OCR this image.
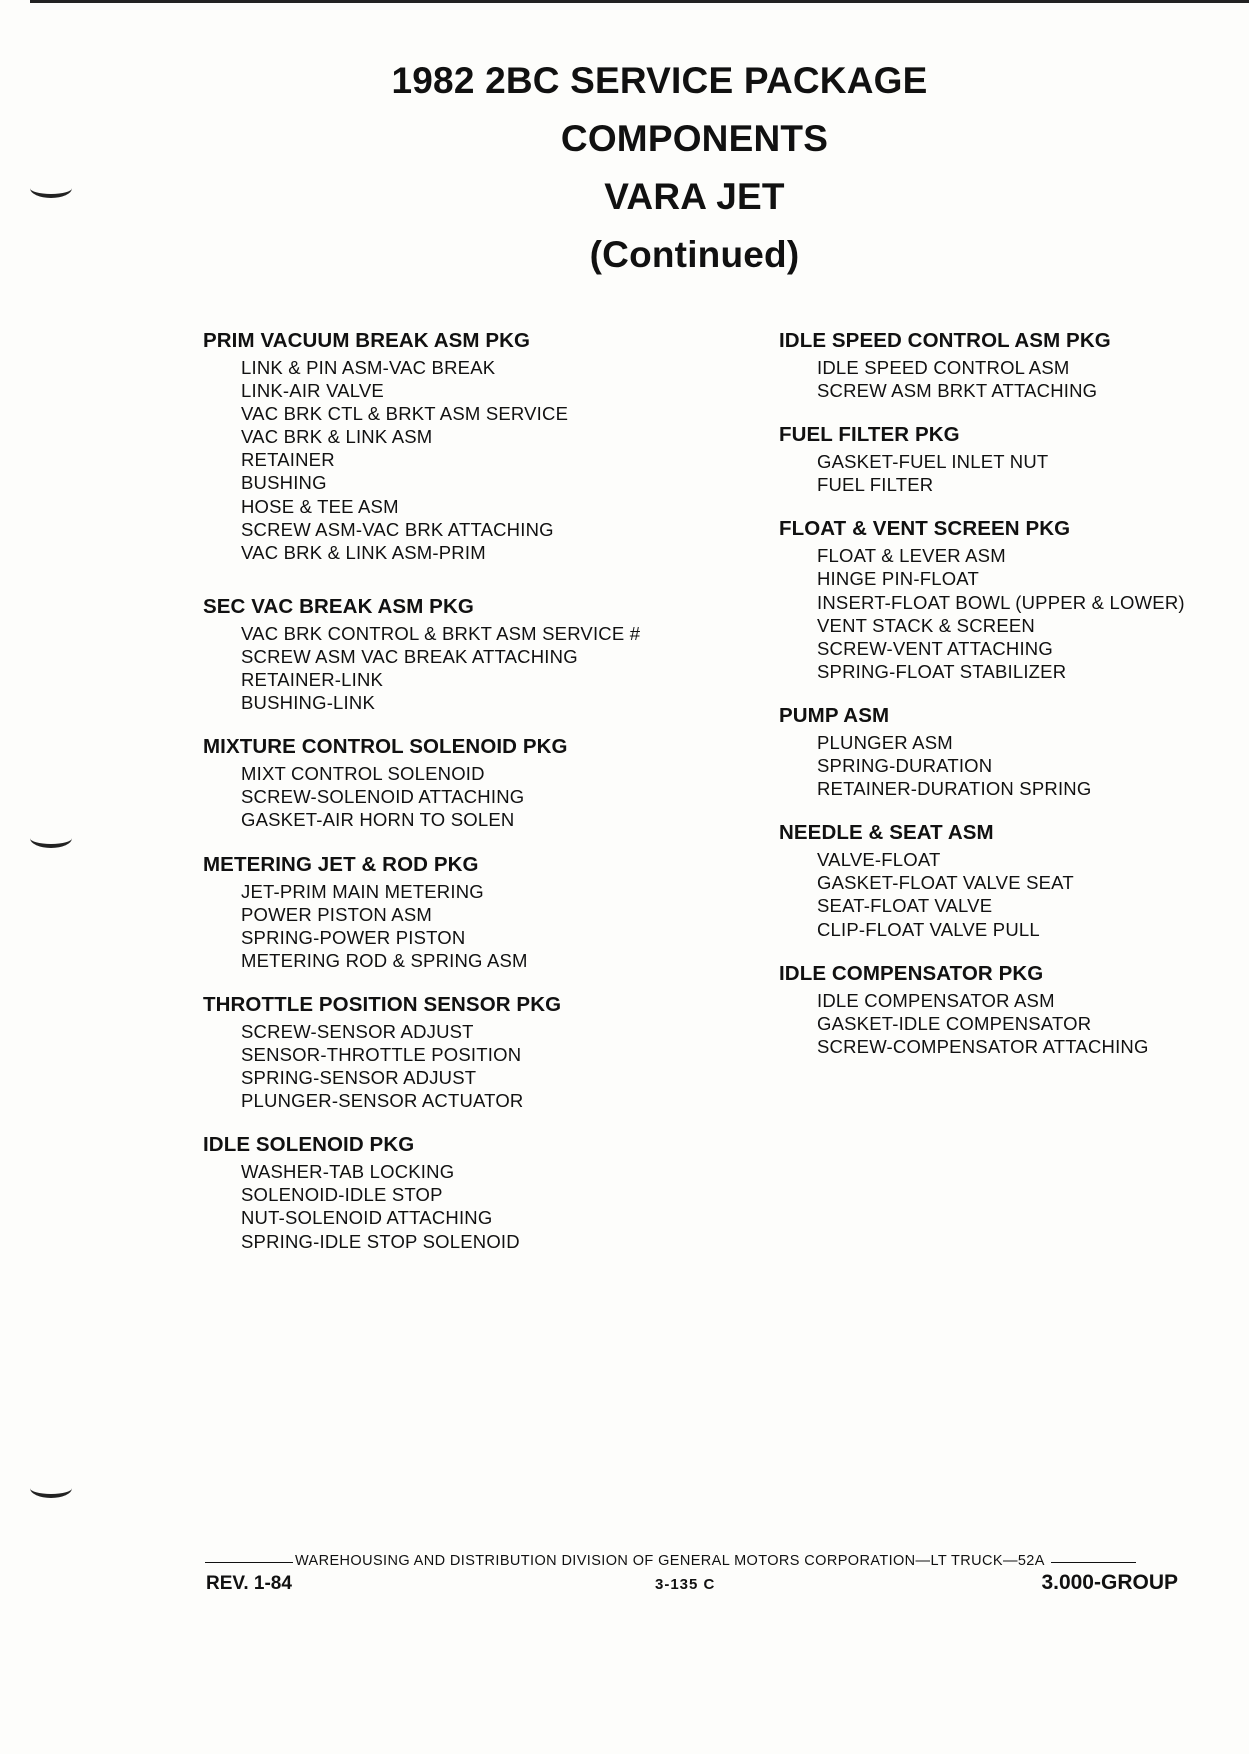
1982 2BC SERVICE PACKAGE
COMPONENTS
VARA JET
(Continued)
PRIM VACUUM BREAK ASM PKG
LINK & PIN ASM-VAC BREAK
LINK-AIR VALVE
VAC BRK CTL & BRKT ASM SERVICE
VAC BRK & LINK ASM
RETAINER
BUSHING
HOSE & TEE ASM
SCREW ASM-VAC BRK ATTACHING
VAC BRK & LINK ASM-PRIM
SEC VAC BREAK ASM PKG
VAC BRK CONTROL & BRKT ASM SERVICE #
SCREW ASM VAC BREAK ATTACHING
RETAINER-LINK
BUSHING-LINK
MIXTURE CONTROL SOLENOID PKG
MIXT CONTROL SOLENOID
SCREW-SOLENOID ATTACHING
GASKET-AIR HORN TO SOLEN
METERING JET & ROD PKG
JET-PRIM MAIN METERING
POWER PISTON ASM
SPRING-POWER PISTON
METERING ROD & SPRING ASM
THROTTLE POSITION SENSOR PKG
SCREW-SENSOR ADJUST
SENSOR-THROTTLE POSITION
SPRING-SENSOR ADJUST
PLUNGER-SENSOR ACTUATOR
IDLE SOLENOID PKG
WASHER-TAB LOCKING
SOLENOID-IDLE STOP
NUT-SOLENOID ATTACHING
SPRING-IDLE STOP SOLENOID
IDLE SPEED CONTROL ASM PKG
IDLE SPEED CONTROL ASM
SCREW ASM BRKT ATTACHING
FUEL FILTER PKG
GASKET-FUEL INLET NUT
FUEL FILTER
FLOAT & VENT SCREEN PKG
FLOAT & LEVER ASM
HINGE PIN-FLOAT
INSERT-FLOAT BOWL (UPPER & LOWER)
VENT STACK & SCREEN
SCREW-VENT ATTACHING
SPRING-FLOAT STABILIZER
PUMP ASM
PLUNGER ASM
SPRING-DURATION
RETAINER-DURATION SPRING
NEEDLE & SEAT ASM
VALVE-FLOAT
GASKET-FLOAT VALVE SEAT
SEAT-FLOAT VALVE
CLIP-FLOAT VALVE PULL
IDLE COMPENSATOR PKG
IDLE COMPENSATOR ASM
GASKET-IDLE COMPENSATOR
SCREW-COMPENSATOR ATTACHING
WAREHOUSING AND DISTRIBUTION DIVISION OF GENERAL MOTORS CORPORATION—LT TRUCK—52A
REV. 1-84	3-135 C	3.000-GROUP
